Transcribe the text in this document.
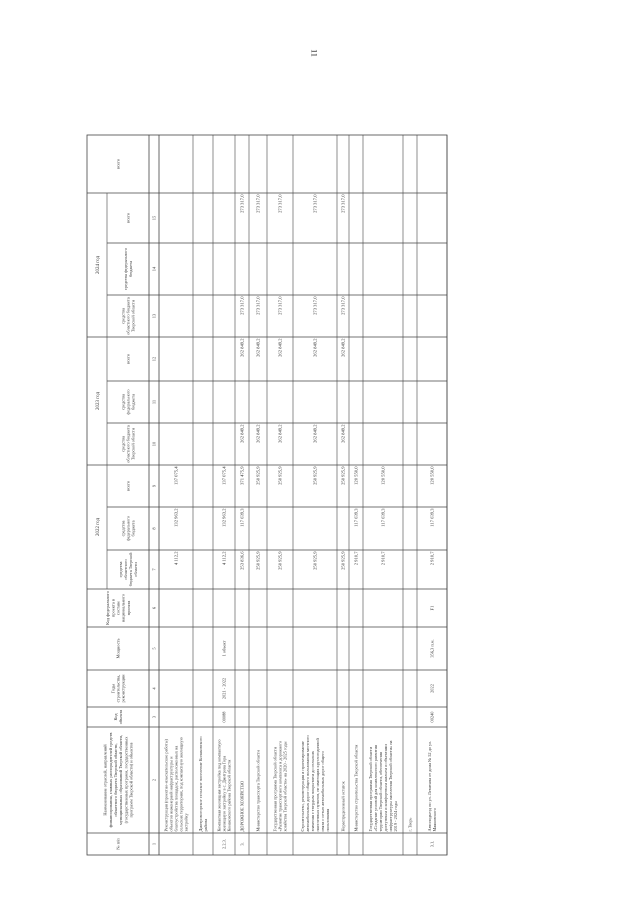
11
№ п/п
Наименование отраслей, направленийфинансирования, главных распорядителей средствобластного бюджета Тверской области,муниципальных образований Тверской области,(государственных программ, государственныхпрограмм Тверской области) и объектов
Кодобъекта
Годыстроительства,реконструкции
Мощность
Код федеральногопроекта всоставенациональногопроекта
2022 год
2023 год
2024 год
всего
средстваобластногобюджета Тверскойобласти
средствафедеральногобюджета
всего
средстваобластного бюджетаТверской области
средствафедеральногобюджета
всего
средстваобластного бюджетаТверской области
средства федеральногобюджета
всего
1
2
3
4
5
6
7
8
9
10
11
12
13
14
15
Реконструкция (проектно-изыскательские работы)объектов инженерной инфраструктуры иблагоустройства площадок, расположенных насельских территориях, под компактную жилищнуюзастройку
4 112,2
132 963,2
137 075,4
Дмитровогорское сельское поселение Конаковскогорайона
2.2.3.
Компактная жилищная застройка под компактнуюжилищную застройку в с. Дмитрова ГораКонаковского района Тверской области
00088
2021 - 2022
1 объект
4 112,2
132 963,2
137 075,4
3.
ДОРОЖНОЕ ХОЗЯЙСТВО
253 836,6
117 639,3
371 475,9
262 849,2
262 849,2
273 317,0
273 317,0
Министерство транспорта Тверской области
250 925,9
250 925,9
262 849,2
262 849,2
273 317,0
273 317,0
Государственная программа Тверской области«Развитие транспортного комплекса и дорожногохозяйства Тверской области» на 2020 - 2025 годы
250 925,9
250 925,9
262 849,2
262 849,2
273 317,0
273 317,0
Строительство, реконструкция и проектированиеавтомобильных дорог общего пользования местногозначения с твердым покрытием до сельскихнаселенных пунктов, не имеющих круглогодичнойсвязи с сетью автомобильных дорог общегопользования
250 925,9
250 925,9
262 849,2
262 849,2
273 317,0
273 317,0
Нераспределенный остаток
250 925,9
250 925,9
262 849,2
262 849,2
273 317,0
273 317,0
Министерство строительства Тверской области
2 910,7
117 639,3
120 550,0
Государственная программа Тверской области«Создание условий для комплексного развитиятерритории Тверской области, обеспечениядоступным и комфортным жильем и объектамиинфраструктуры населения Тверской области» на2019 - 2024 годы
2 910,7
117 639,3
120 550,0
г. Тверь
3.1.
Автоподъезд по ул. Левитана от дома № 52 до ул.Маяковского
00240
2022
356,3 п.м.
F1
2 910,7
117 639,3
120 550,0
